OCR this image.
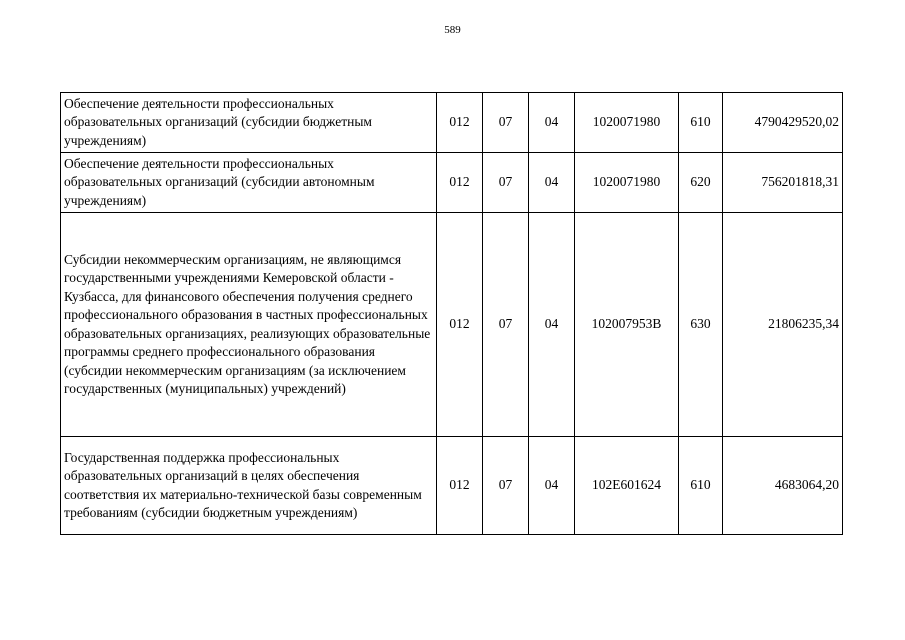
589
Обеспечение деятельности профессиональных образовательных организаций (субсидии бюджетным учреждениям)	012	07	04	1020071980	610	4790429520,02
Обеспечение деятельности профессиональных образовательных организаций (субсидии автономным учреждениям)	012	07	04	1020071980	620	756201818,31
Субсидии некоммерческим организациям, не являющимся государственными учреждениями Кемеровской области - Кузбасса, для финансового обеспечения получения среднего профессионального образования в частных профессиональных образовательных организациях, реализующих образовательные программы среднего профессионального образования (субсидии некоммерческим организациям (за исключением государственных (муниципальных) учреждений)	012	07	04	102007953В	630	21806235,34
Государственная поддержка профессиональных образовательных организаций в целях обеспечения соответствия их материально-технической базы современным требованиям (субсидии бюджетным учреждениям)	012	07	04	102Е601624	610	4683064,20
